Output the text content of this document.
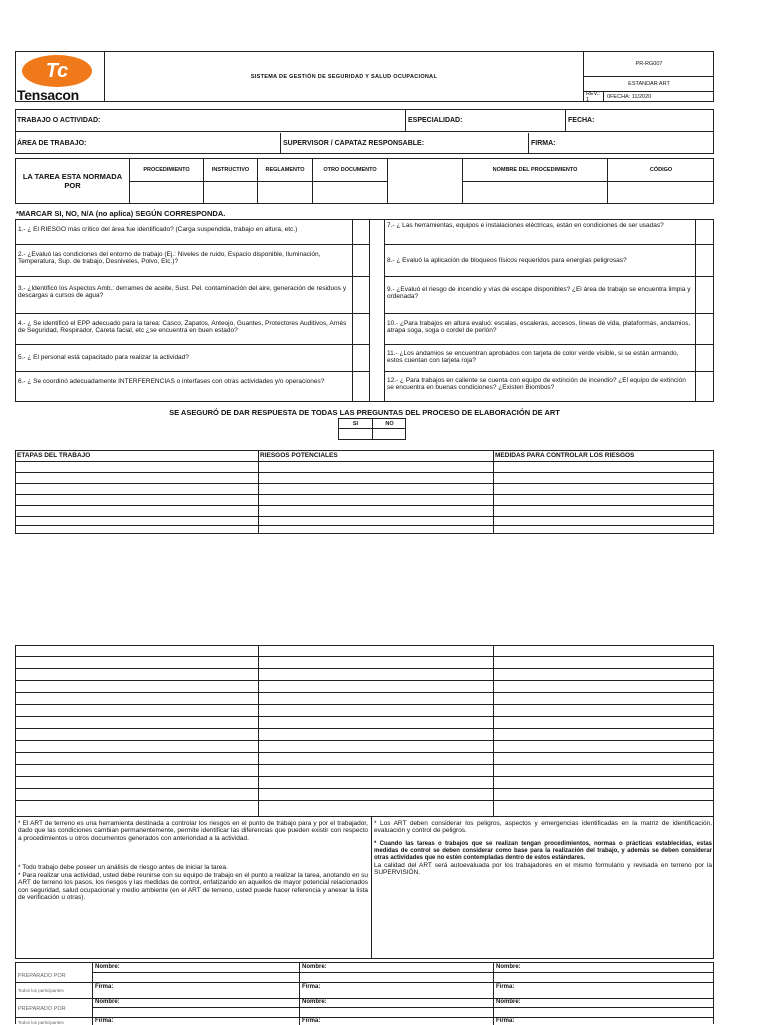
Tc
Tensacon
SISTEMA DE GESTIÓN DE SEGURIDAD Y SALUD OCUPACIONAL
PR-RG007
ESTANDAR ART
REV.: 1	0 FECHA: 11/2020
TRABAJO O ACTIVIDAD:	ESPECIALIDAD:	FECHA:
ÁREA DE TRABAJO:	SUPERVISOR / CAPATAZ RESPONSABLE:	FIRMA:
LA TAREA ESTA NORMADA POR
PROCEDIMIENTO	INSTRUCTIVO	REGLAMENTO	OTRO DOCUMENTO	NOMBRE DEL PROCEDIMIENTO	CÓDIGO
*MARCAR SI, NO, N/A (no aplica) SEGÚN CORRESPONDA.
1.- ¿ El RIESGO más crítico del área fue identificado? (Carga suspendida, trabajo en altura, etc.)
2.- ¿Evaluó las condiciones del entorno de trabajo (Ej.: Niveles de ruido, Espacio disponible, Iluminación, Temperatura, Sup. de trabajo, Desniveles, Polvo, Etc.)?
3.- ¿Identificó los Aspectos Amb.: derrames de aceite, Sust. Pel. contaminación del aire, generación de residuos y descargas a cursos de agua?
4.- ¿ Se identificó el EPP adecuado para la tarea: Casco, Zapatos, Anteojo, Guantes, Protectores Auditivos, Arnés de Seguridad, Respirador, Careta facial, etc ¿se encuentra en buen estado?
5.- ¿ El personal está capacitado para realizar la actividad?
6.- ¿ Se coordinó adecuadamente INTERFERENCIAS o interfases con otras actividades y/o operaciones?
7.- ¿ Las herramientas, equipos e instalaciones eléctricas, están en condiciones de ser usadas?
8.- ¿ Evaluó la aplicación de bloqueos físicos requeridos para energías peligrosas?
9.- ¿Evaluó el riesgo de incendio y vías de escape disponibles? ¿El área de trabajo se encuentra limpia y ordenada?
10.- ¿Para trabajos en altura evaluó: escalas, escaleras, accesos, líneas de vida, plataformas, andamios, atrapa soga, soga o cordel de perlón?
11.- ¿Los andamios se encuentran aprobados con tarjeta de color verde visible, si se están armando, estos cuentan con tarjeta roja?
12.- ¿ Para trabajos en caliente se cuenta con equipo de extinción de incendio? ¿El equipo de extinción se encuentra en buenas condiciones? ¿Existen Biombos?
SE ASEGURÓ DE DAR RESPUESTA DE TODAS LAS PREGUNTAS DEL PROCESO DE ELABORACIÓN DE ART
SI	NO
ETAPAS DEL TRABAJO	RIESGOS POTENCIALES	MEDIDAS PARA CONTROLAR LOS RIESGOS

* El ART de terreno es una herramienta destinada a controlar los riesgos en el punto de trabajo para y por el trabajador, dado que las condiciones cambian permanentemente, permite identificar las diferencias que pueden existir con respecto a procedimientos u otros documentos generados con anterioridad a la actividad.

* Todo trabajo debe poseer un análisis de riesgo antes de iniciar la tarea.

* Para realizar una actividad, usted debe reunirse con su equipo de trabajo en el punto a realizar la tarea, anotando en su ART de terreno los pasos, los riesgos y las medidas de control, enfatizando en aquellos de mayor potencial relacionados con seguridad, salud ocupacional y medio ambiente (en el ART de terreno, usted puede hacer referencia y anexar la lista de verificación u otras).

* Los ART deben considerar los peligros, aspectos y emergencias identificadas en la matriz de identificación, evaluación y control de peligros.

* Cuando las tareas o trabajos que se realizan tengan procedimientos, normas o prácticas establecidas, estas medidas de control se deben considerar como base para la realización del trabajo, y además se deben considerar otras actividades que no estén contempladas dentro de estos estándares.

La calidad del ART será autoevaluada por los trabajadores en el mismo formulario y revisada en terreno por la SUPERVISIÓN.

PREPARADO POR
Todos los participantes
Nombre:	Nombre:	Nombre:
Firma:	Firma:	Firma:
PREPARADO POR
Todos los participantes
Nombre:	Nombre:	Nombre:
Firma:	Firma:	Firma:
